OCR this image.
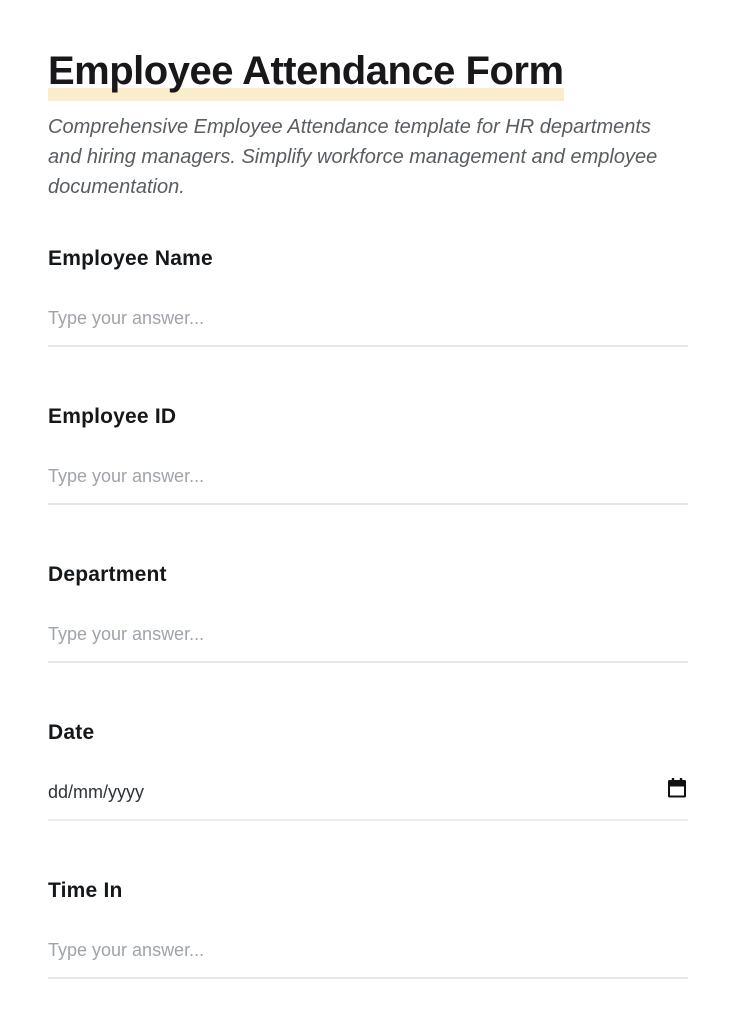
Employee Attendance Form

Comprehensive Employee Attendance template for HR departments and hiring managers. Simplify workforce management and employee documentation.

Employee Name
Type your answer...
Employee ID
Type your answer...
Department
Type your answer...
Date
dd/mm/yyyy
Time In
Type your answer...
